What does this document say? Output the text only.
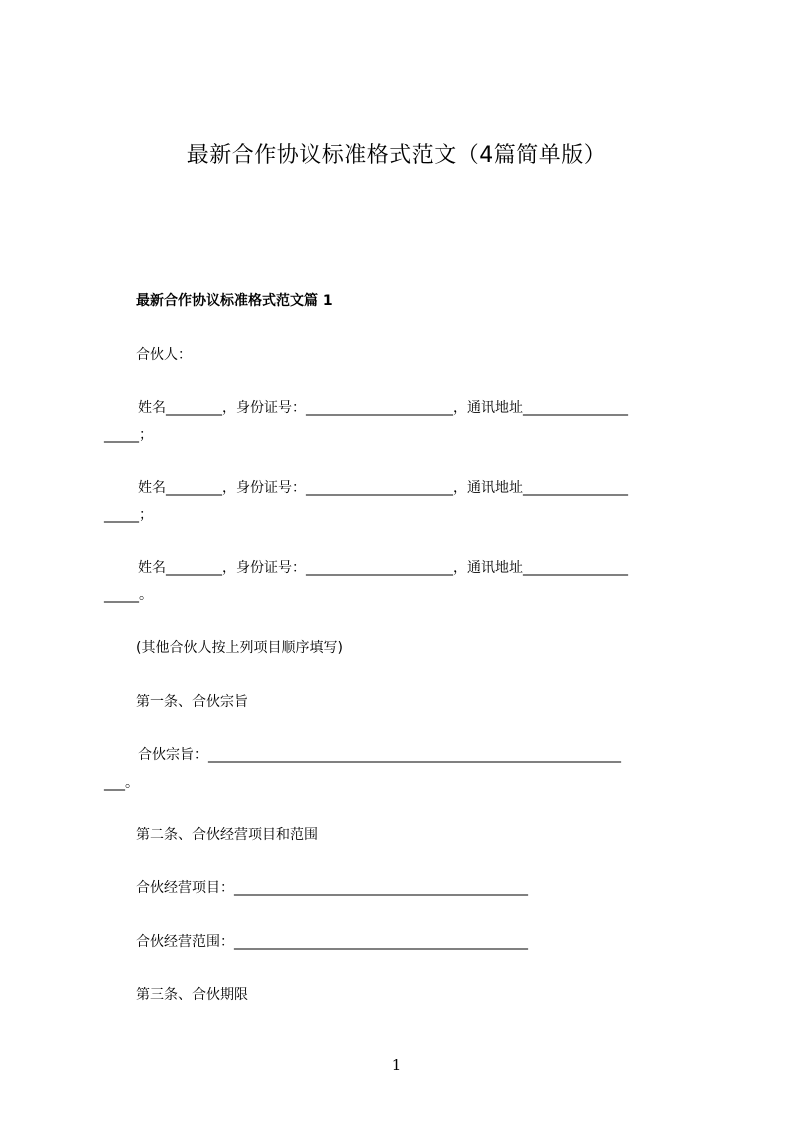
最新合作协议标准格式范文（4篇简单版）

最新合作协议标准格式范文篇 1

合伙人：

姓名________，身份证号：_____________________，通讯地址_______________

_____；

姓名________，身份证号：_____________________，通讯地址_______________

_____；

姓名________，身份证号：_____________________，通讯地址_______________

_____。

(其他合伙人按上列项目顺序填写)

第一条、合伙宗旨

合伙宗旨：___________________________________________________________

___。

第二条、合伙经营项目和范围

合伙经营项目：__________________________________________

合伙经营范围：__________________________________________

第三条、合伙期限

1
